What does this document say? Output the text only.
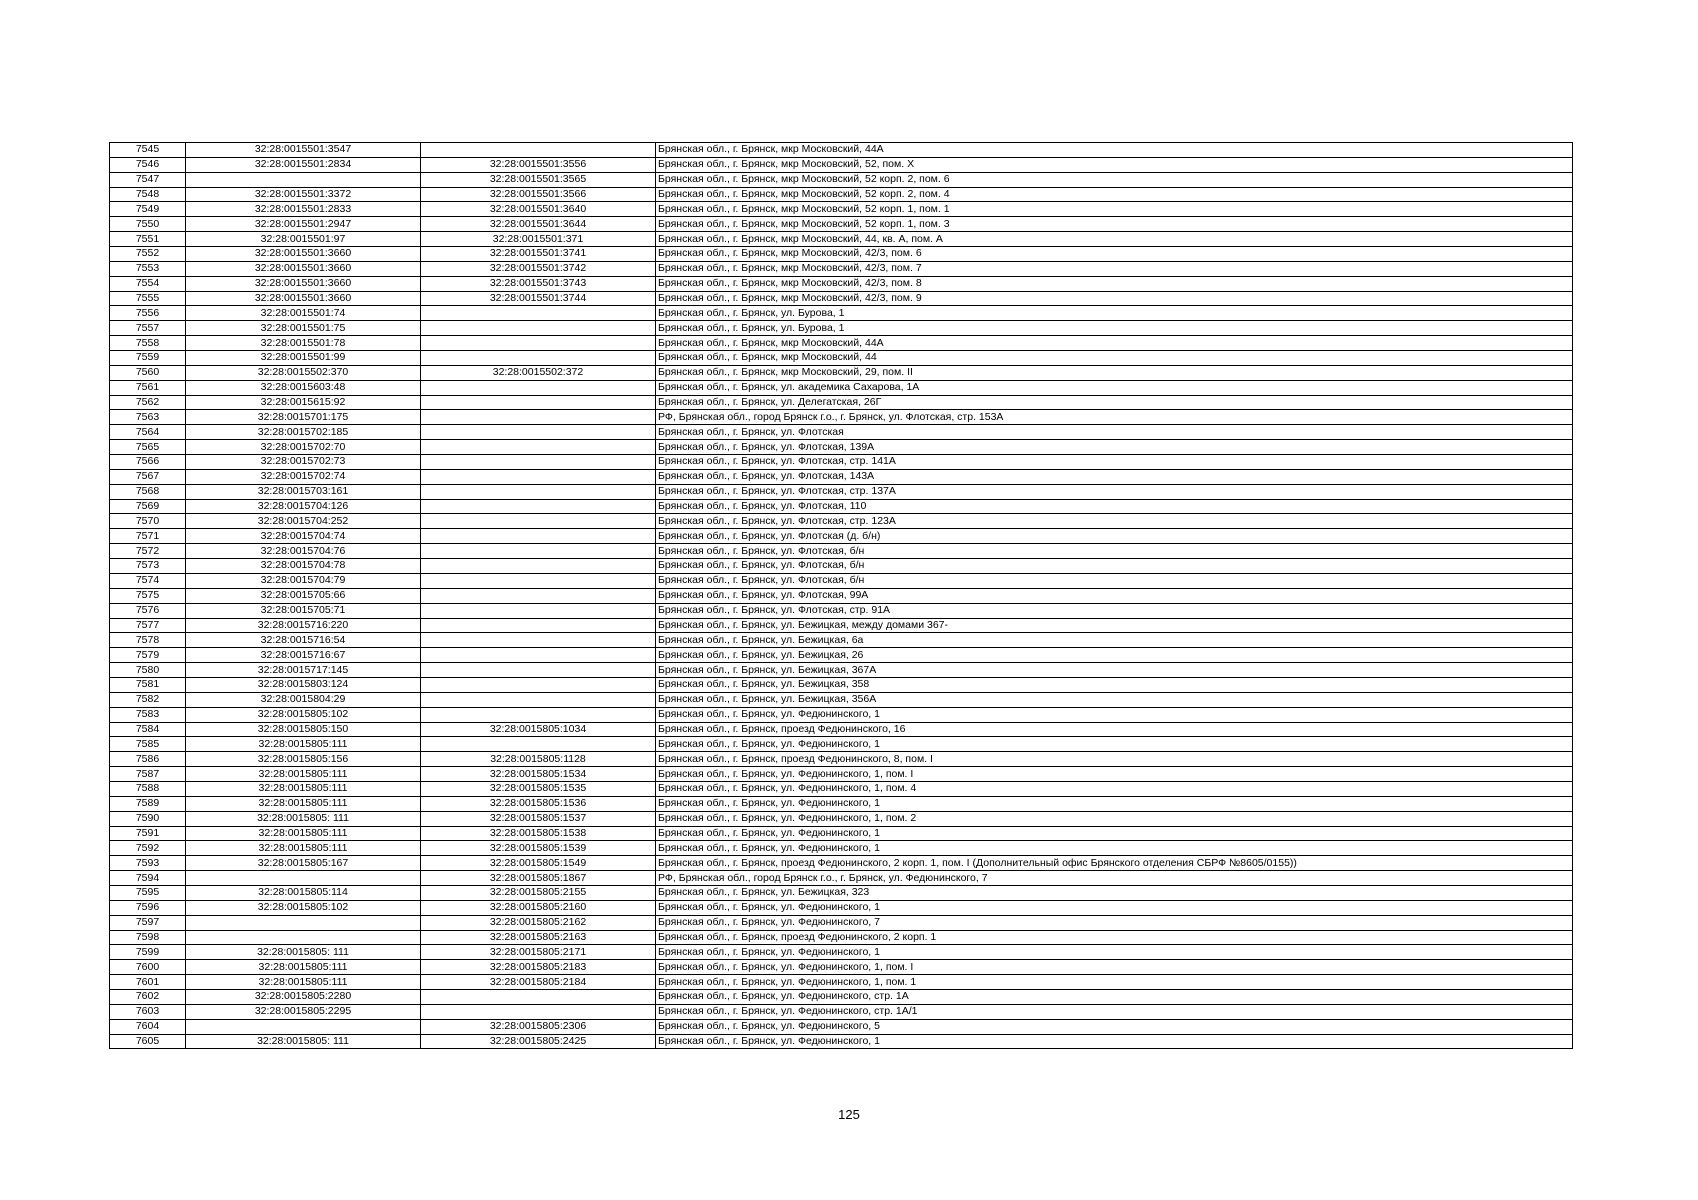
7545	32:28:0015501:3547		Брянская обл., г. Брянск, мкр Московский, 44А
7546	32:28:0015501:2834	32:28:0015501:3556	Брянская обл., г. Брянск, мкр Московский, 52, пом. X
7547		32:28:0015501:3565	Брянская обл., г. Брянск, мкр Московский, 52 корп. 2, пом. 6
7548	32:28:0015501:3372	32:28:0015501:3566	Брянская обл., г. Брянск, мкр Московский, 52 корп. 2, пом. 4
7549	32:28:0015501:2833	32:28:0015501:3640	Брянская обл., г. Брянск, мкр Московский, 52 корп. 1, пом. 1
7550	32:28:0015501:2947	32:28:0015501:3644	Брянская обл., г. Брянск, мкр Московский, 52 корп. 1, пом. 3
7551	32:28:0015501:97	32:28:0015501:371	Брянская обл., г. Брянск, мкр Московский, 44, кв. А, пом. А
7552	32:28:0015501:3660	32:28:0015501:3741	Брянская обл., г. Брянск, мкр Московский, 42/3, пом. 6
7553	32:28:0015501:3660	32:28:0015501:3742	Брянская обл., г. Брянск, мкр Московский, 42/3, пом. 7
7554	32:28:0015501:3660	32:28:0015501:3743	Брянская обл., г. Брянск, мкр Московский, 42/3, пом. 8
7555	32:28:0015501:3660	32:28:0015501:3744	Брянская обл., г. Брянск, мкр Московский, 42/3, пом. 9
7556	32:28:0015501:74		Брянская обл., г. Брянск, ул. Бурова, 1
7557	32:28:0015501:75		Брянская обл., г. Брянск, ул. Бурова, 1
7558	32:28:0015501:78		Брянская обл., г. Брянск, мкр Московский, 44А
7559	32:28:0015501:99		Брянская обл., г. Брянск, мкр Московский, 44
7560	32:28:0015502:370	32:28:0015502:372	Брянская обл., г. Брянск, мкр Московский, 29, пом. II
7561	32:28:0015603:48		Брянская обл., г. Брянск, ул. академика Сахарова, 1А
7562	32:28:0015615:92		Брянская обл., г. Брянск, ул. Делегатская, 26Г
7563	32:28:0015701:175		РФ, Брянская обл., город Брянск г.о., г. Брянск, ул. Флотская, стр. 153А
7564	32:28:0015702:185		Брянская обл., г. Брянск, ул. Флотская
7565	32:28:0015702:70		Брянская обл., г. Брянск, ул. Флотская, 139А
7566	32:28:0015702:73		Брянская обл., г. Брянск, ул. Флотская, стр. 141А
7567	32:28:0015702:74		Брянская обл., г. Брянск, ул. Флотская, 143А
7568	32:28:0015703:161		Брянская обл., г. Брянск, ул. Флотская, стр. 137А
7569	32:28:0015704:126		Брянская обл., г. Брянск, ул. Флотская, 110
7570	32:28:0015704:252		Брянская обл., г. Брянск, ул. Флотская, стр. 123А
7571	32:28:0015704:74		Брянская обл., г. Брянск, ул. Флотская (д. б/н)
7572	32:28:0015704:76		Брянская обл., г. Брянск, ул. Флотская, б/н
7573	32:28:0015704:78		Брянская обл., г. Брянск, ул. Флотская, б/н
7574	32:28:0015704:79		Брянская обл., г. Брянск, ул. Флотская, б/н
7575	32:28:0015705:66		Брянская обл., г. Брянск, ул. Флотская, 99А
7576	32:28:0015705:71		Брянская обл., г. Брянск, ул. Флотская, стр. 91А
7577	32:28:0015716:220		Брянская обл., г. Брянск, ул. Бежицкая, между домами 367-
7578	32:28:0015716:54		Брянская обл., г. Брянск, ул. Бежицкая, 6а
7579	32:28:0015716:67		Брянская обл., г. Брянск, ул. Бежицкая, 26
7580	32:28:0015717:145		Брянская обл., г. Брянск, ул. Бежицкая, 367А
7581	32:28:0015803:124		Брянская обл., г. Брянск, ул. Бежицкая, 358
7582	32:28:0015804:29		Брянская обл., г. Брянск, ул. Бежицкая, 356А
7583	32:28:0015805:102		Брянская обл., г. Брянск, ул. Федюнинского, 1
7584	32:28:0015805:150	32:28:0015805:1034	Брянская обл., г. Брянск, проезд Федюнинского, 16
7585	32:28:0015805:111		Брянская обл., г. Брянск, ул. Федюнинского, 1
7586	32:28:0015805:156	32:28:0015805:1128	Брянская обл., г. Брянск, проезд Федюнинского, 8, пом. I
7587	32:28:0015805:111	32:28:0015805:1534	Брянская обл., г. Брянск, ул. Федюнинского, 1, пом. I
7588	32:28:0015805:111	32:28:0015805:1535	Брянская обл., г. Брянск, ул. Федюнинского, 1, пом. 4
7589	32:28:0015805:111	32:28:0015805:1536	Брянская обл., г. Брянск, ул. Федюнинского, 1
7590	32:28:0015805: 111	32:28:0015805:1537	Брянская обл., г. Брянск, ул. Федюнинского, 1, пом. 2
7591	32:28:0015805:111	32:28:0015805:1538	Брянская обл., г. Брянск, ул. Федюнинского, 1
7592	32:28:0015805:111	32:28:0015805:1539	Брянская обл., г. Брянск, ул. Федюнинского, 1
7593	32:28:0015805:167	32:28:0015805:1549	Брянская обл., г. Брянск, проезд Федюнинского, 2 корп. 1, пом. I (Дополнительный офис Брянского отделения СБРФ №8605/0155))
7594		32:28:0015805:1867	РФ, Брянская обл., город Брянск г.о., г. Брянск, ул. Федюнинского, 7
7595	32:28:0015805:114	32:28:0015805:2155	Брянская обл., г. Брянск, ул. Бежицкая, 323
7596	32:28:0015805:102	32:28:0015805:2160	Брянская обл., г. Брянск, ул. Федюнинского, 1
7597		32:28:0015805:2162	Брянская обл., г. Брянск, ул. Федюнинского, 7
7598		32:28:0015805:2163	Брянская обл., г. Брянск, проезд Федюнинского, 2 корп. 1
7599	32:28:0015805: 111	32:28:0015805:2171	Брянская обл., г. Брянск, ул. Федюнинского, 1
7600	32:28:0015805:111	32:28:0015805:2183	Брянская обл., г. Брянск, ул. Федюнинского, 1, пом. I
7601	32:28:0015805:111	32:28:0015805:2184	Брянская обл., г. Брянск, ул. Федюнинского, 1, пом. 1
7602	32:28:0015805:2280		Брянская обл., г. Брянск, ул. Федюнинского, стр. 1А
7603	32:28:0015805:2295		Брянская обл., г. Брянск, ул. Федюнинского, стр. 1А/1
7604		32:28:0015805:2306	Брянская обл., г. Брянск, ул. Федюнинского, 5
7605	32:28:0015805: 111	32:28:0015805:2425	Брянская обл., г. Брянск, ул. Федюнинского, 1
125
